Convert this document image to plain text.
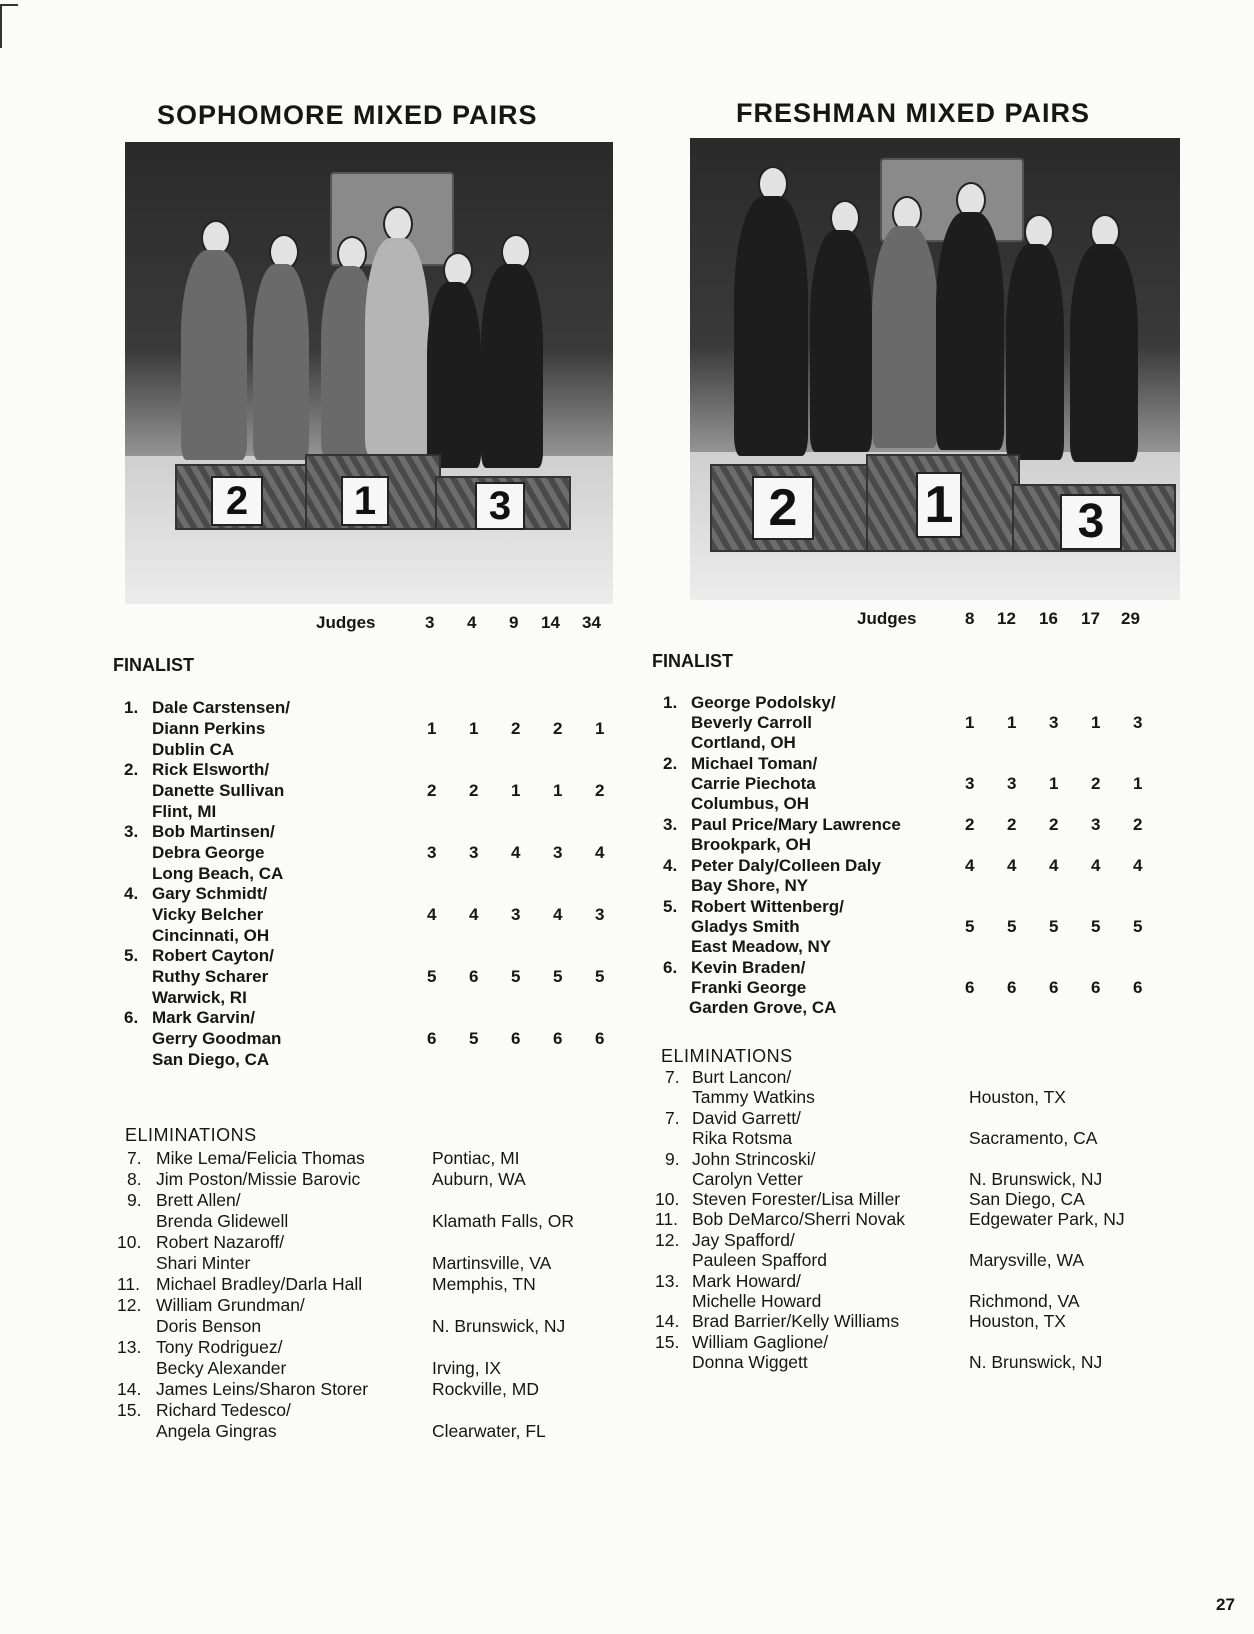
SOPHOMORE MIXED PAIRS
2	1	3
Judges	3 4 9 14 34
FINALIST
1. Dale Carstensen/
Diann Perkins
Dublin CA
1 1 2 2 1
2. Rick Elsworth/
Danette Sullivan
Flint, MI
2 2 1 1 2
3. Bob Martinsen/
Debra George
Long Beach, CA
3 3 4 3 4
4. Gary Schmidt/
Vicky Belcher
Cincinnati, OH
4 4 3 4 3
5. Robert Cayton/
Ruthy Scharer
Warwick, RI
5 6 5 5 5
6. Mark Garvin/
Gerry Goodman
San Diego, CA
6 5 6 6 6
ELIMINATIONS
7. Mike Lema/Felicia Thomas	Pontiac, MI
8. Jim Poston/Missie Barovic	Auburn, WA
9. Brett Allen/
Brenda Glidewell	Klamath Falls, OR
10. Robert Nazaroff/
Shari Minter	Martinsville, VA
11. Michael Bradley/Darla Hall	Memphis, TN
12. William Grundman/
Doris Benson	N. Brunswick, NJ
13. Tony Rodriguez/
Becky Alexander	Irving, IX
14. James Leins/Sharon Storer	Rockville, MD
15. Richard Tedesco/
Angela Gingras	Clearwater, FL
FRESHMAN MIXED PAIRS
2	1	3
Judges	8 12 16 17 29
FINALIST
1. George Podolsky/
Beverly Carroll
Cortland, OH
1 1 3 1 3
2. Michael Toman/
Carrie Piechota
Columbus, OH
3 3 1 2 1
3. Paul Price/Mary Lawrence
Brookpark, OH
2 2 2 3 2
4. Peter Daly/Colleen Daly
Bay Shore, NY
4 4 4 4 4
5. Robert Wittenberg/
Gladys Smith
East Meadow, NY
5 5 5 5 5
6. Kevin Braden/
Franki George
Garden Grove, CA
6 6 6 6 6
ELIMINATIONS
7. Burt Lancon/
Tammy Watkins	Houston, TX
7. David Garrett/
Rika Rotsma	Sacramento, CA
9. John Strincoski/
Carolyn Vetter	N. Brunswick, NJ
10. Steven Forester/Lisa Miller	San Diego, CA
11. Bob DeMarco/Sherri Novak	Edgewater Park, NJ
12. Jay Spafford/
Pauleen Spafford	Marysville, WA
13. Mark Howard/
Michelle Howard	Richmond, VA
14. Brad Barrier/Kelly Williams	Houston, TX
15. William Gaglione/
Donna Wiggett	N. Brunswick, NJ
27
